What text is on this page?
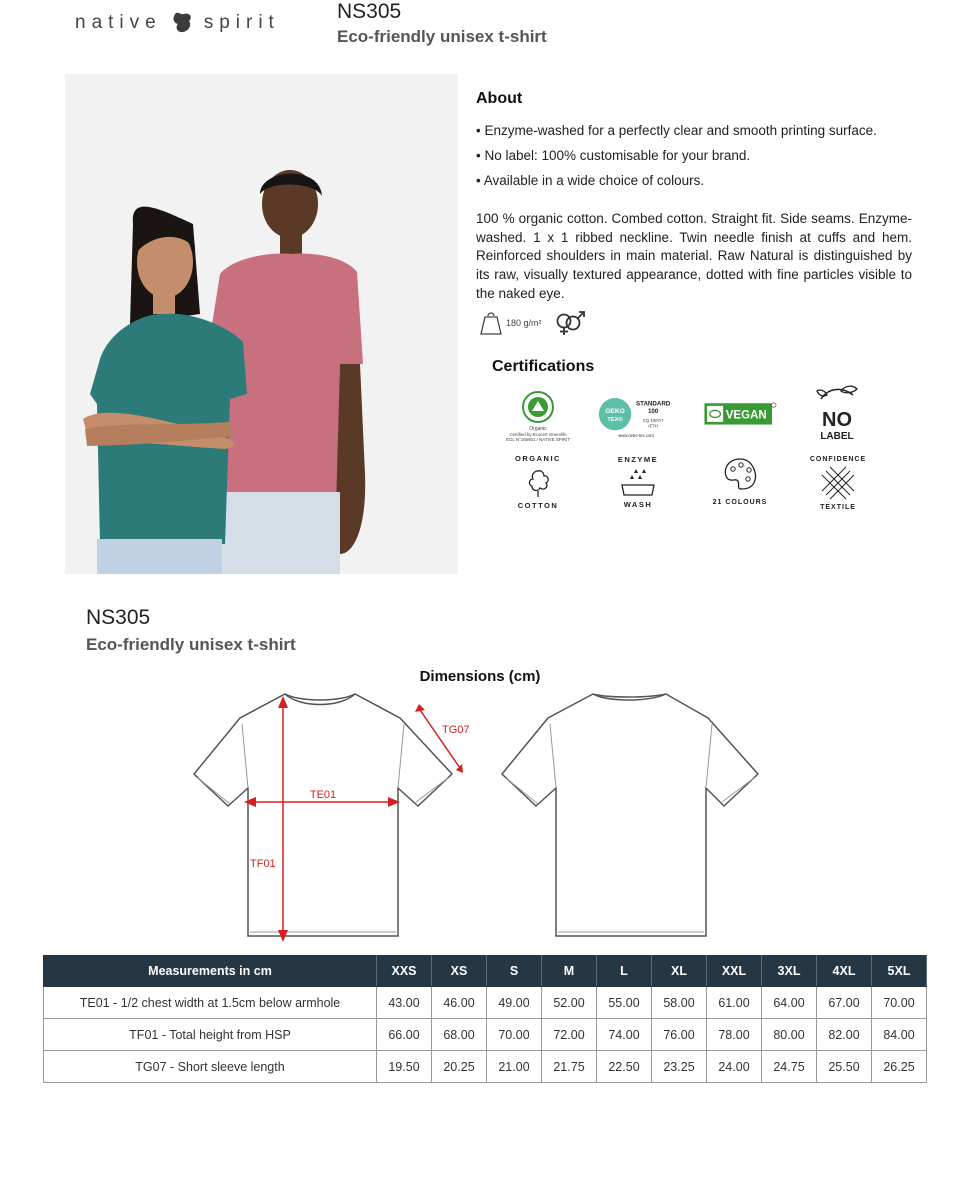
native spirit	NS305
Eco-friendly unisex t-shirt
About
• Enzyme-washed for a perfectly clear and smooth printing surface.
• No label: 100% customisable for your brand.
• Available in a wide choice of colours.

100 % organic cotton. Combed cotton. Straight fit. Side seams. Enzyme-washed. 1 x 1 ribbed neckline. Twin needle finish at cuffs and hem. Reinforced shoulders in main material. Raw Natural is distinguished by its raw, visually textured appearance, dotted with fine particles visible to the naked eye.

180 g/m²
Certifications
Organic
Certified by Ecocert Greenlife
EGL N°165651 / NATIVE SPIRIT
OEKO
TEX®
STANDARD
100
CQ 1007/7
IFTH
www.oeko-tex.com
VEGAN	NO
LABEL
ORGANIC
COTTON
ENZYME
WASH	21 COLOURS
CONFIDENCE
TEXTILE
NS305
Eco-friendly unisex t-shirt
Dimensions (cm)
TE01
TF01
TG07
Measurements in cm	XXS	XS	S	M	L	XL	XXL	3XL	4XL	5XL
TE01 - 1/2 chest width at 1.5cm below armhole	43.00	46.00	49.00	52.00	55.00	58.00	61.00	64.00	67.00	70.00
TF01 - Total height from HSP	66.00	68.00	70.00	72.00	74.00	76.00	78.00	80.00	82.00	84.00
TG07 - Short sleeve length	19.50	20.25	21.00	21.75	22.50	23.25	24.00	24.75	25.50	26.25
